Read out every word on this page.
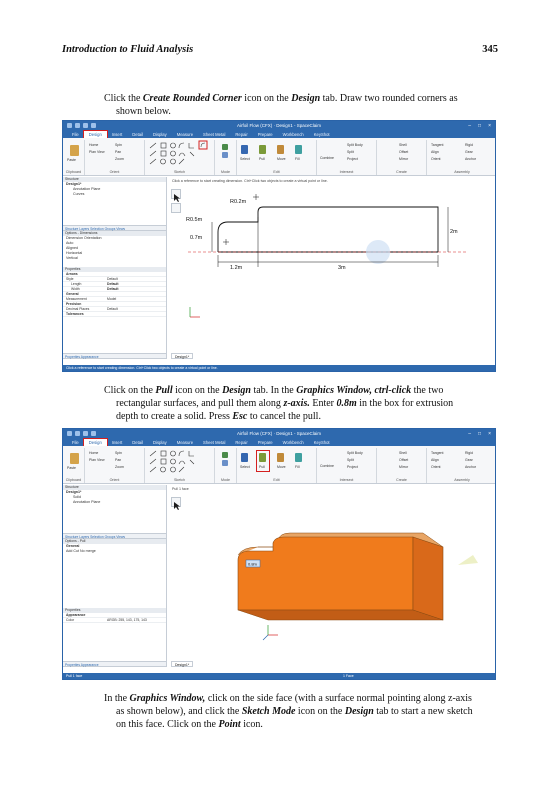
Introduction to Fluid Analysis	345
Click the Create Rounded Corner icon on the Design tab. Draw two rounded corners as shown below.
Airfoil Flow (CFX) · Design1 - SpaceClaim	– □ ×
File	Design	Insert	Detail	Display	Measure	Sheet Metal	Repair	Prepare	Workbench	KeyShot
Paste
Clipboard
Home	Spin
Plan View	Pan
Zoom
Orient	Sketch	Mode
Select	Pull	Move	Fill
Edit
Combine
Split Body
Split
Project
Intersect
Shell
Offset
Mirror
Create
Tangent
Align
Orient
Rigid
Gear
Anchor
Assembly
Structure
Design1*
Annotation Plane
Curves
Structure Layers Selection Groups Views
Options - Dimensions
Dimension Orientation
Auto
Aligned
Horizontal
Vertical
Properties
Arrows
Style	Default
Length	Default
Width	Default
General
Measurement	Model
Precision
Decimal Places	Default
Tolerances
Properties Appearance
Click a reference to start creating dimension. Ctrl+Click two objects to create a virtual point or line.
R0.2m
R0.5m
2m
0.7m
1.2m	3m
Design1*
Click a reference to start creating dimension. Ctrl+Click two objects to create a virtual point or line.
Click on the Pull icon on the Design tab. In the Graphics Window, ctrl-click the two rectangular surfaces, and pull them along z-axis. Enter 0.8m in the box for extrusion depth to create a solid. Press Esc to cancel the pull.
Airfoil Flow (CFX) · Design1 - SpaceClaim	– □ ×
File	Design	Insert	Detail	Display	Measure	Sheet Metal	Repair	Prepare	Workbench	KeyShot
Paste
Clipboard
Home	Spin
Plan View	Pan
Zoom
Orient	Sketch	Mode
Select	Pull	Move	Fill
Edit
Combine
Split Body
Split
Project
Intersect
Shell
Offset
Mirror
Create
Tangent
Align
Orient
Rigid
Gear
Anchor
Assembly
Structure
Design1*
Solid
Annotation Plane
Structure Layers Selection Groups Views
Options - Pull
General
Add Cut No merge
Properties
Appearance
Color	ARGB: 255, 143, 175, 143
Properties Appearance
Pull 1 face
0.8m
Design1*
Pull 1 face	1 Face
In the Graphics Window, click on the side face (with a surface normal pointing along z-axis as shown below), and click the Sketch Mode icon on the Design tab to start a new sketch on this face. Click on the Point icon.
